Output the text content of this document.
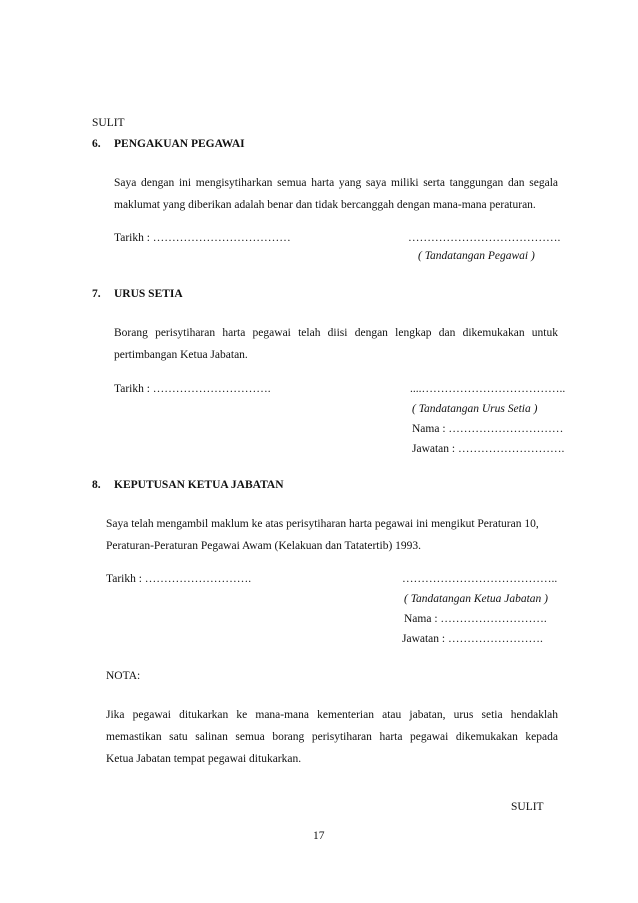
SULIT
6. PENGAKUAN PEGAWAI
Saya dengan ini mengisytiharkan semua harta yang saya miliki serta tanggungan dan segala
maklumat yang diberikan adalah benar dan tidak bercanggah dengan mana-mana peraturan.
Tarikh : ………………………………	………………………………….
( Tandatangan Pegawai )
7. URUS SETIA
Borang perisytiharan harta pegawai telah diisi dengan lengkap dan dikemukakan untuk
pertimbangan Ketua Jabatan.
Tarikh : ………………………….	....………………………………..
( Tandatangan Urus Setia )
Nama : …………………………
Jawatan : ……………………….
8. KEPUTUSAN KETUA JABATAN
Saya telah mengambil maklum ke atas perisytiharan harta pegawai ini mengikut Peraturan 10,
Peraturan-Peraturan Pegawai Awam (Kelakuan dan Tatatertib) 1993.
Tarikh : ……………………….	…………………………………..
( Tandatangan Ketua Jabatan )
Nama : ……………………….
Jawatan : …………………….
NOTA:
Jika pegawai ditukarkan ke mana-mana kementerian atau jabatan, urus setia hendaklah
memastikan satu salinan semua borang perisytiharan harta pegawai dikemukakan kepada
Ketua Jabatan tempat pegawai ditukarkan.
SULIT
17
